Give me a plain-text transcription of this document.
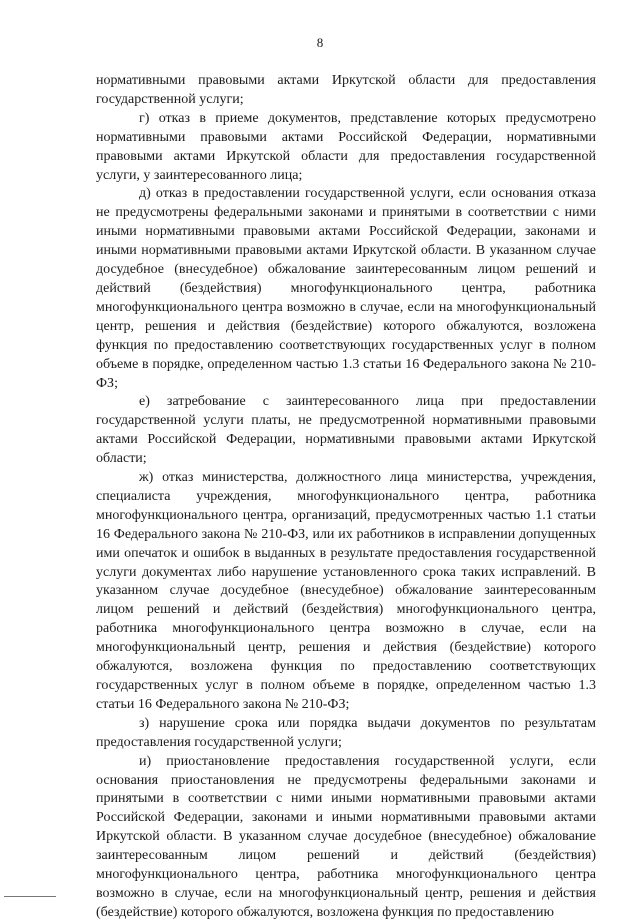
8

нормативными правовыми актами Иркутской области для предоставления государственной услуги;

г) отказ в приеме документов, представление которых предусмотрено нормативными правовыми актами Российской Федерации, нормативными правовыми актами Иркутской области для предоставления государственной услуги, у заинтересованного лица;

д) отказ в предоставлении государственной услуги, если основания отказа не предусмотрены федеральными законами и принятыми в соответствии с ними иными нормативными правовыми актами Российской Федерации, законами и иными нормативными правовыми актами Иркутской области. В указанном случае досудебное (внесудебное) обжалование заинтересованным лицом решений и действий (бездействия) многофункционального центра, работника многофункционального центра возможно в случае, если на многофункциональный центр, решения и действия (бездействие) которого обжалуются, возложена функция по предоставлению соответствующих государственных услуг в полном объеме в порядке, определенном частью 1.3 статьи 16 Федерального закона № 210-ФЗ;

е) затребование с заинтересованного лица при предоставлении государственной услуги платы, не предусмотренной нормативными правовыми актами Российской Федерации, нормативными правовыми актами Иркутской области;

ж) отказ министерства, должностного лица министерства, учреждения, специалиста учреждения, многофункционального центра, работника многофункционального центра, организаций, предусмотренных частью 1.1 статьи 16 Федерального закона № 210-ФЗ, или их работников в исправлении допущенных ими опечаток и ошибок в выданных в результате предоставления государственной услуги документах либо нарушение установленного срока таких исправлений. В указанном случае досудебное (внесудебное) обжалование заинтересованным лицом решений и действий (бездействия) многофункционального центра, работника многофункционального центра возможно в случае, если на многофункциональный центр, решения и действия (бездействие) которого обжалуются, возложена функция по предоставлению соответствующих государственных услуг в полном объеме в порядке, определенном частью 1.3 статьи 16 Федерального закона № 210-ФЗ;

з) нарушение срока или порядка выдачи документов по результатам предоставления государственной услуги;

и) приостановление предоставления государственной услуги, если основания приостановления не предусмотрены федеральными законами и принятыми в соответствии с ними иными нормативными правовыми актами Российской Федерации, законами и иными нормативными правовыми актами Иркутской области. В указанном случае досудебное (внесудебное) обжалование заинтересованным лицом решений и действий (бездействия) многофункционального центра, работника многофункционального центра возможно в случае, если на многофункциональный центр, решения и действия (бездействие) которого обжалуются, возложена функция по предоставлению
